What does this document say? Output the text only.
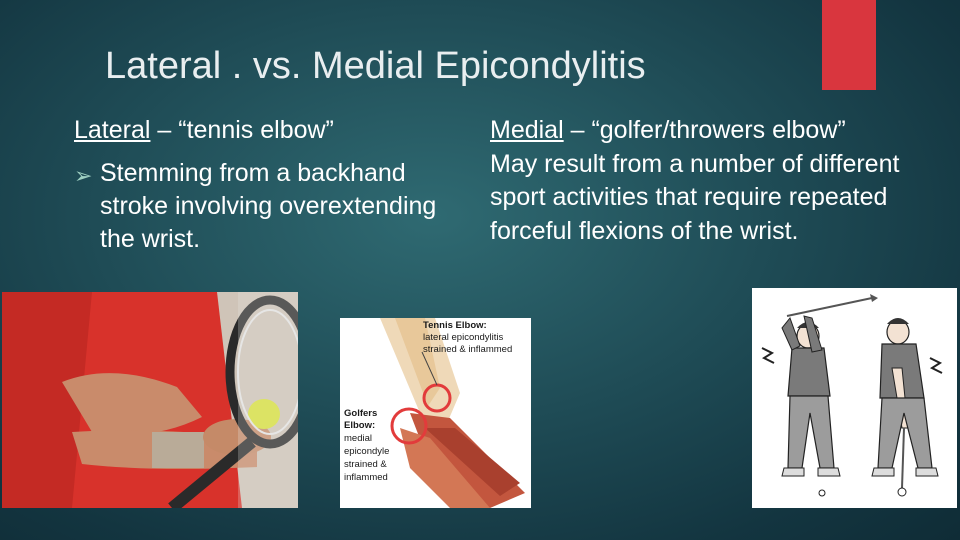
Lateral . vs. Medial Epicondylitis
Lateral – “tennis elbow”
➢ Stemming from a backhand stroke involving overextending the wrist.
Medial – “golfer/throwers elbow”
May result from a number of different sport activities that require repeated forceful flexions of the wrist.
Tennis Elbow:
lateral epicondylitis
strained & inflammed
Golfers
Elbow:
medial
epicondyle
strained &
inflammed
